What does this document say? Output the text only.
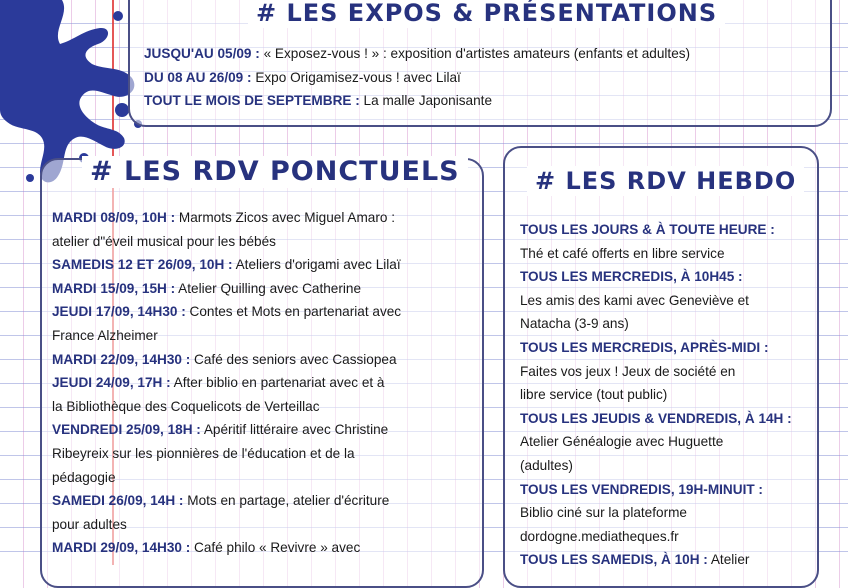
# LES EXPOS & PRÉSENTATIONS
JUSQU'AU 05/09 : « Exposez-vous ! » : exposition d'artistes amateurs (enfants et adultes)
DU 08 AU 26/09 : Expo Origamisez-vous ! avec Lilaï
TOUT LE MOIS DE SEPTEMBRE : La malle Japonisante
# LES RDV PONCTUELS
MARDI 08/09, 10H : Marmots Zicos avec Miguel Amaro :
atelier d"éveil musical pour les bébés
SAMEDIS 12 ET 26/09, 10H : Ateliers d'origami avec Lilaï
MARDI 15/09, 15H : Atelier Quilling avec Catherine
JEUDI 17/09, 14H30 : Contes et Mots en partenariat avec
France Alzheimer
MARDI 22/09, 14H30 : Café des seniors avec Cassiopea
JEUDI 24/09, 17H : After biblio en partenariat avec et à
la Bibliothèque des Coquelicots de Verteillac
VENDREDI 25/09, 18H : Apéritif littéraire avec Christine
Ribeyreix sur les pionnières de l'éducation et de la
pédagogie
SAMEDI 26/09, 14H : Mots en partage, atelier d'écriture
pour adultes
MARDI 29/09, 14H30 : Café philo « Revivre » avec
# LES RDV HEBDO
TOUS LES JOURS & À TOUTE HEURE :
Thé et café offerts en libre service
TOUS LES MERCREDIS, À 10H45 :
Les amis des kami avec Geneviève et
Natacha (3-9 ans)
TOUS LES MERCREDIS, APRÈS-MIDI :
Faites vos jeux ! Jeux de société en
libre service (tout public)
TOUS LES JEUDIS & VENDREDIS, À 14H :
Atelier Généalogie avec Huguette
(adultes)
TOUS LES VENDREDIS, 19H-MINUIT :
Biblio ciné sur la plateforme
dordogne.mediatheques.fr
TOUS LES SAMEDIS, À 10H : Atelier
